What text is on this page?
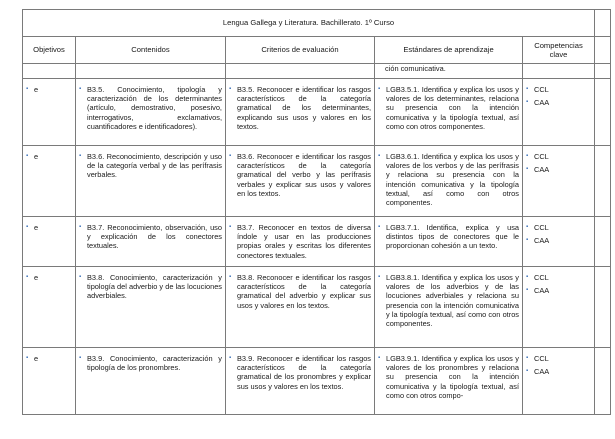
Lengua Gallega y Literatura. Bachillerato. 1º Curso					
Objetivos	Contenidos	Criterios de evaluación	Estándares de aprendizaje	Competencias clave	
			ción comunicativa.		

▪ e	▪ B3.5. Conocimiento, tipología y caracterización de los determinantes (artículo, demostrativo, posesivo, interrogativos, exclamativos, cuantificadores e identificadores).	▪ B3.5. Reconocer e identificar los rasgos característicos de la categoría gramatical de los determinantes, explicando sus usos y valores en los textos.	▪ LGB3.5.1. Identifica y explica los usos y valores de los determinantes, relaciona su presencia con la intención comunicativa y la tipología textual, así como con otros componentes.	▪ CCL
▪ CAA

▪ e	▪ B3.6. Reconocimiento, descripción y uso de la categoría verbal y de las perífrasis verbales.	▪ B3.6. Reconocer e identificar los rasgos característicos de la categoría gramatical del verbo y las perífrasis verbales y explicar sus usos y valores en los textos.	▪ LGB3.6.1. Identifica y explica los usos y valores de los verbos y de las perífrasis y relaciona su presencia con la intención comunicativa y la tipología textual, así como con otros componentes.	▪ CCL
▪ CAA

▪ e	▪ B3.7. Reconocimiento, observación, uso y explicación de los conectores textuales.	▪ B3.7. Reconocer en textos de diversa índole y usar en las producciones propias orales y escritas los diferentes conectores textuales.	▪ LGB3.7.1. Identifica, explica y usa distintos tipos de conectores que le proporcionan cohesión a un texto.	▪ CCL
▪ CAA

▪ e	▪ B3.8. Conocimiento, caracterización y tipología del adverbio y de las locuciones adverbiales.	▪ B3.8. Reconocer e identificar los rasgos característicos de la categoría gramatical del adverbio y explicar sus usos y valores en los textos.	▪ LGB3.8.1. Identifica y explica los usos y valores de los adverbios y de las locuciones adverbiales y relaciona su presencia con la intención comunicativa y la tipología textual, así como con otros componentes.	▪ CCL
▪ CAA

▪ e	▪ B3.9. Conocimiento, caracterización y tipología de los pronombres.	▪ B3.9. Reconocer e identificar los rasgos característicos de la categoría gramatical de los pronombres y explicar sus usos y valores en los textos.	▪ LGB3.9.1. Identifica y explica los usos y valores de los pronombres y relaciona su presencia con la intención comunicativa y la tipología textual, así como con otros compo-	▪ CCL
▪ CAA
